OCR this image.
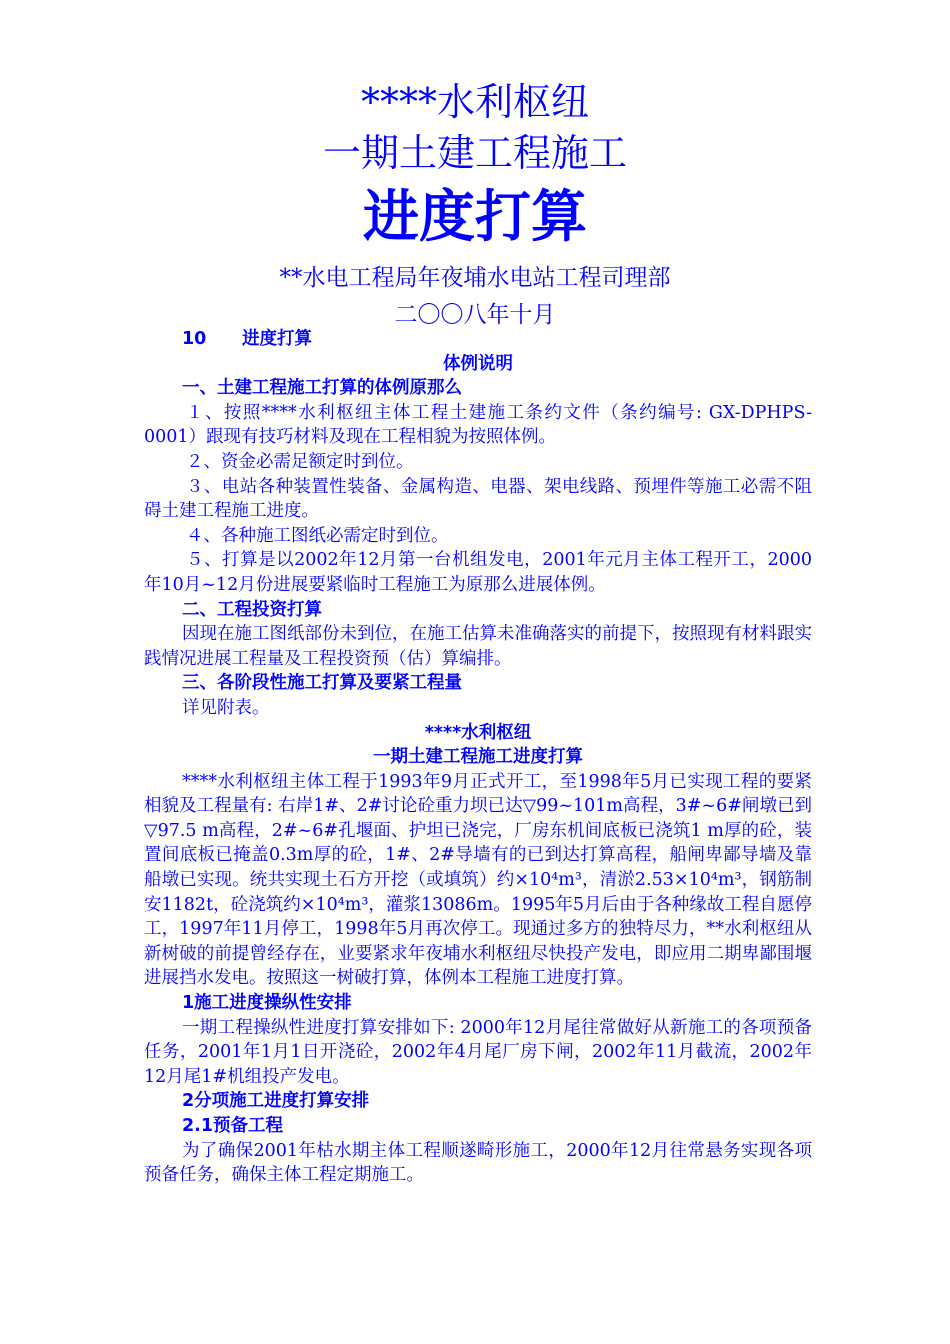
****水利枢纽
一期土建工程施工
进度打算
**水电工程局年夜埔水电站工程司理部
二〇〇八年十月
10	进度打算
体例说明
一、土建工程施工打算的体例原那么

１、按照****水利枢纽主体工程土建施工条约文件（条约编号: GX-DPHPS-0001）跟现有技巧材料及现在工程相貌为按照体例。

２、资金必需足额定时到位。

３、电站各种装置性装备、金属构造、电器、架电线路、预埋件等施工必需不阻碍土建工程施工进度。

４、各种施工图纸必需定时到位。

５、打算是以2002年12月第一台机组发电，2001年元月主体工程开工，2000年10月~12月份进展要紧临时工程施工为原那么进展体例。

二、工程投资打算

因现在施工图纸部份未到位，在施工估算未准确落实的前提下，按照现有材料跟实践情况进展工程量及工程投资预（估）算编排。

三、各阶段性施工打算及要紧工程量

详见附表。

****水利枢纽
一期土建工程施工进度打算

****水利枢纽主体工程于1993年9月正式开工，至1998年5月已实现工程的要紧相貌及工程量有: 右岸1#、2#讨论砼重力坝已达▽99~101m高程，3#~6#闸墩已到▽97.5 m高程，2#~6#孔堰面、护坦已浇完，厂房东机间底板已浇筑1 m厚的砼，装置间底板已掩盖0.3m厚的砼，1#、2#导墙有的已到达打算高程，船闸卑鄙导墙及靠船墩已实现。统共实现土石方开挖（或填筑）约×10⁴m³，清淤2.53×10⁴m³，钢筋制安1182t，砼浇筑约×10⁴m³，灌浆13086m。1995年5月后由于各种缘故工程自愿停工，1997年11月停工，1998年5月再次停工。现通过多方的独特尽力，**水利枢纽从新树破的前提曾经存在，业要紧求年夜埔水利枢纽尽快投产发电，即应用二期卑鄙围堰进展挡水发电。按照这一树破打算，体例本工程施工进度打算。

1施工进度操纵性安排

一期工程操纵性进度打算安排如下: 2000年12月尾往常做好从新施工的各项预备任务，2001年1月1日开浇砼，2002年4月尾厂房下闸，2002年11月截流，2002年12月尾1#机组投产发电。

2分项施工进度打算安排
2.1预备工程

为了确保2001年枯水期主体工程顺遂畸形施工，2000年12月往常悬务实现各项预备任务，确保主体工程定期施工。
